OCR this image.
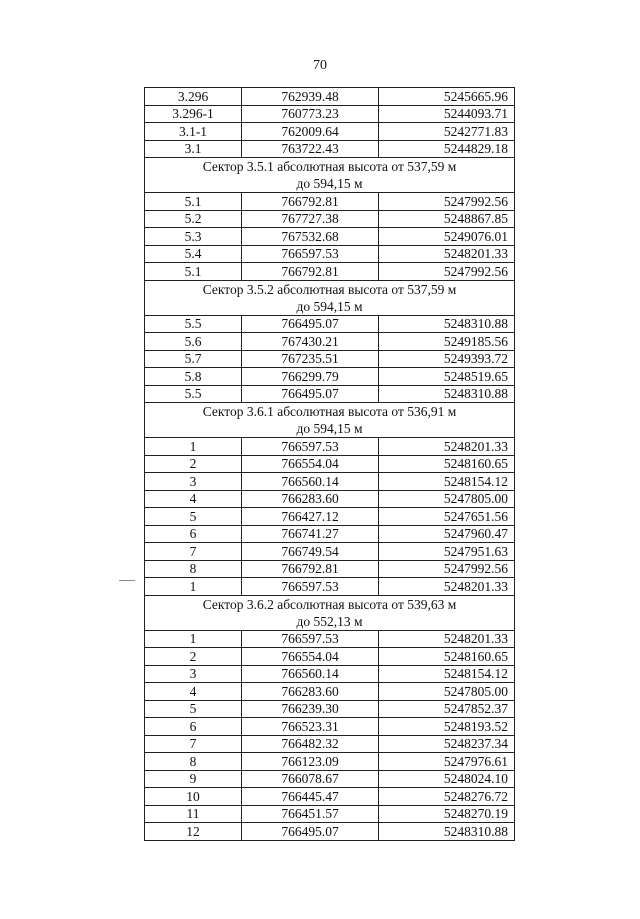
70
3.296	762939.48	5245665.96
3.296-1	760773.23	5244093.71
3.1-1	762009.64	5242771.83
3.1	763722.43	5244829.18

Сектор 3.5.1 абсолютная высота от 537,59 м
до 594,15 м		

5.1	766792.81	5247992.56
5.2	767727.38	5248867.85
5.3	767532.68	5249076.01
5.4	766597.53	5248201.33
5.1	766792.81	5247992.56

Сектор 3.5.2 абсолютная высота от 537,59 м
до 594,15 м		

5.5	766495.07	5248310.88
5.6	767430.21	5249185.56
5.7	767235.51	5249393.72
5.8	766299.79	5248519.65
5.5	766495.07	5248310.88

Сектор 3.6.1 абсолютная высота от 536,91 м
до 594,15 м		

1	766597.53	5248201.33
2	766554.04	5248160.65
3	766560.14	5248154.12
4	766283.60	5247805.00
5	766427.12	5247651.56
6	766741.27	5247960.47
7	766749.54	5247951.63
8	766792.81	5247992.56
1	766597.53	5248201.33

Сектор 3.6.2 абсолютная высота от 539,63 м
до 552,13 м		

1	766597.53	5248201.33
2	766554.04	5248160.65
3	766560.14	5248154.12
4	766283.60	5247805.00
5	766239.30	5247852.37
6	766523.31	5248193.52
7	766482.32	5248237.34
8	766123.09	5247976.61
9	766078.67	5248024.10
10	766445.47	5248276.72
11	766451.57	5248270.19
12	766495.07	5248310.88
